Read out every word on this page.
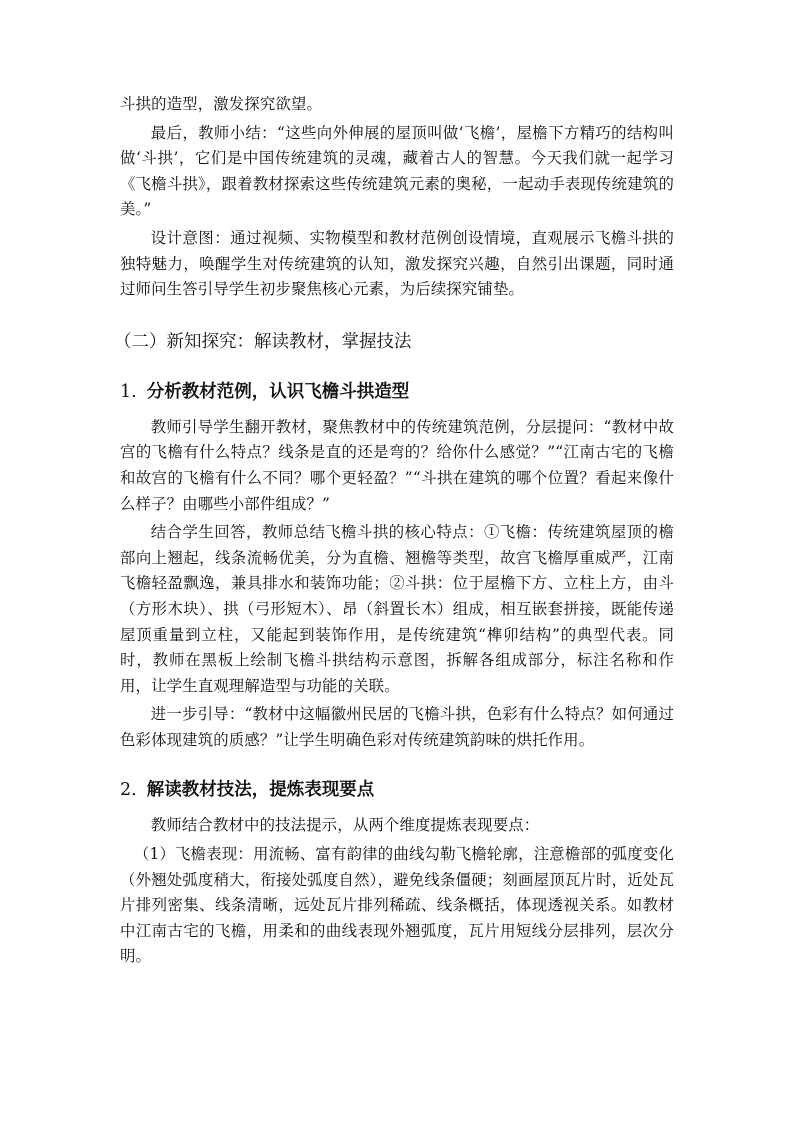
斗拱的造型，激发探究欲望。

最后，教师小结：“这些向外伸展的屋顶叫做‘飞檐’，屋檐下方精巧的结构叫做‘斗拱’，它们是中国传统建筑的灵魂，藏着古人的智慧。今天我们就一起学习《飞檐斗拱》，跟着教材探索这些传统建筑元素的奥秘，一起动手表现传统建筑的美。”

设计意图：通过视频、实物模型和教材范例创设情境，直观展示飞檐斗拱的独特魅力，唤醒学生对传统建筑的认知，激发探究兴趣，自然引出课题，同时通过师问生答引导学生初步聚焦核心元素，为后续探究铺垫。

（二）新知探究：解读教材，掌握技法
1. 分析教材范例，认识飞檐斗拱造型

教师引导学生翻开教材，聚焦教材中的传统建筑范例，分层提问：“教材中故宫的飞檐有什么特点？线条是直的还是弯的？给你什么感觉？”“江南古宅的飞檐和故宫的飞檐有什么不同？哪个更轻盈？”“斗拱在建筑的哪个位置？看起来像什么样子？由哪些小部件组成？”

结合学生回答，教师总结飞檐斗拱的核心特点：①飞檐：传统建筑屋顶的檐部向上翘起，线条流畅优美，分为直檐、翘檐等类型，故宫飞檐厚重威严，江南飞檐轻盈飘逸，兼具排水和装饰功能；②斗拱：位于屋檐下方、立柱上方，由斗（方形木块）、拱（弓形短木）、昂（斜置长木）组成，相互嵌套拼接，既能传递屋顶重量到立柱，又能起到装饰作用，是传统建筑“榫卯结构”的典型代表。同时，教师在黑板上绘制飞檐斗拱结构示意图，拆解各组成部分，标注名称和作用，让学生直观理解造型与功能的关联。

进一步引导：“教材中这幅徽州民居的飞檐斗拱，色彩有什么特点？如何通过色彩体现建筑的质感？”让学生明确色彩对传统建筑韵味的烘托作用。

2. 解读教材技法，提炼表现要点

教师结合教材中的技法提示，从两个维度提炼表现要点：

（1）飞檐表现：用流畅、富有韵律的曲线勾勒飞檐轮廓，注意檐部的弧度变化（外翘处弧度稍大，衔接处弧度自然），避免线条僵硬；刻画屋顶瓦片时，近处瓦片排列密集、线条清晰，远处瓦片排列稀疏、线条概括，体现透视关系。如教材中江南古宅的飞檐，用柔和的曲线表现外翘弧度，瓦片用短线分层排列，层次分明。
